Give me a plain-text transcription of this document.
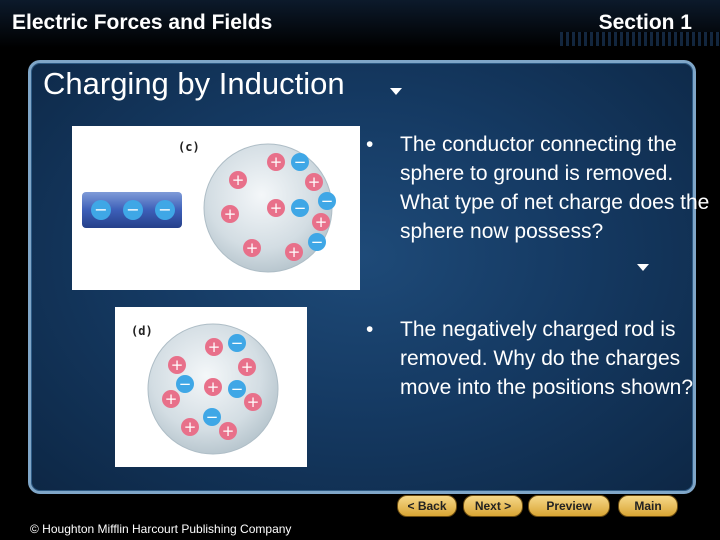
Electric Forces and Fields	Section 1
Charging by Induction
• The conductor connecting the sphere to ground is removed. What type of net charge does the sphere now possess?
• The negatively charged rod is removed. Why do the charges move into the positions shown?
(c)
− − −
+ −
+	+
−
+ −
+	+
+ +
−
(d)
+ −
+	+
− + −
+	+
−
+ +
< Back	Next >	Preview	Main
© Houghton Mifflin Harcourt Publishing Company
